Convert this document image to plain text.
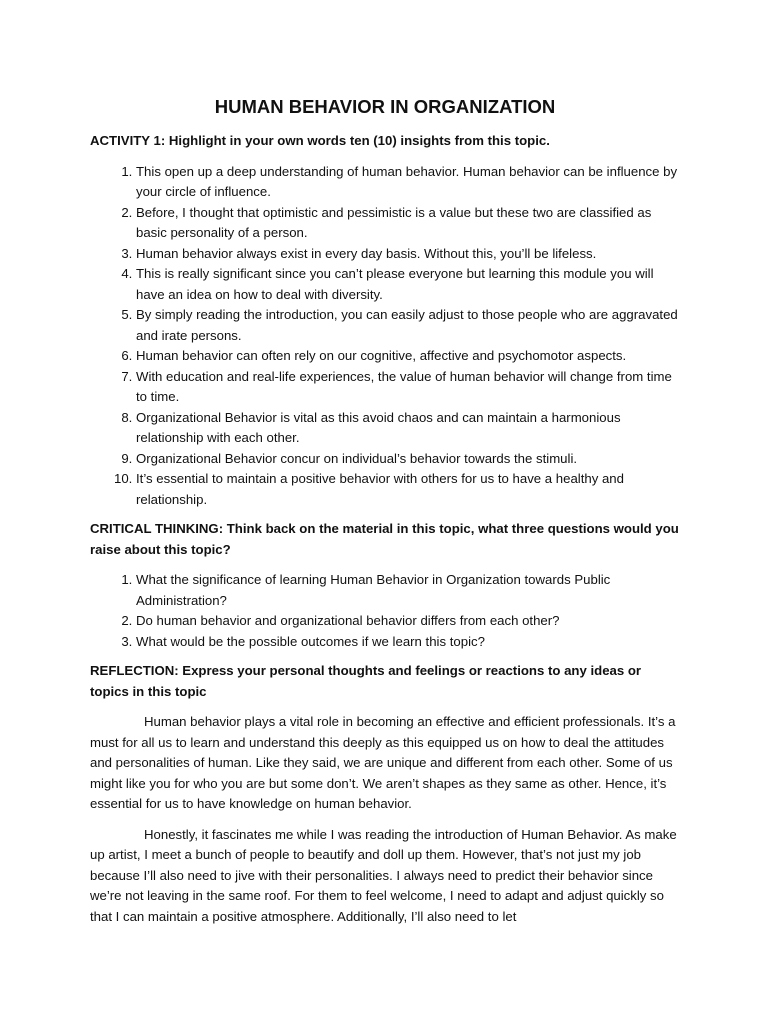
HUMAN BEHAVIOR IN ORGANIZATION

ACTIVITY 1: Highlight in your own words ten (10) insights from this topic.

1. This open up a deep understanding of human behavior. Human behavior can be influence by your circle of influence.
2. Before, I thought that optimistic and pessimistic is a value but these two are classified as basic personality of a person.
3. Human behavior always exist in every day basis. Without this, you’ll be lifeless.
4. This is really significant since you can’t please everyone but learning this module you will have an idea on how to deal with diversity.
5. By simply reading the introduction, you can easily adjust to those people who are aggravated and irate persons.
6. Human behavior can often rely on our cognitive, affective and psychomotor aspects.
7. With education and real-life experiences, the value of human behavior will change from time to time.
8. Organizational Behavior is vital as this avoid chaos and can maintain a harmonious relationship with each other.
9. Organizational Behavior concur on individual’s behavior towards the stimuli.
10. It’s essential to maintain a positive behavior with others for us to have a healthy and relationship.

CRITICAL THINKING: Think back on the material in this topic, what three questions would you raise about this topic?

1. What the significance of learning Human Behavior in Organization towards Public Administration?
2. Do human behavior and organizational behavior differs from each other?
3. What would be the possible outcomes if we learn this topic?

REFLECTION: Express your personal thoughts and feelings or reactions to any ideas or topics in this topic

Human behavior plays a vital role in becoming an effective and efficient professionals. It’s a must for all us to learn and understand this deeply as this equipped us on how to deal the attitudes and personalities of human. Like they said, we are unique and different from each other. Some of us might like you for who you are but some don’t. We aren’t shapes as they same as other. Hence, it’s essential for us to have knowledge on human behavior.

Honestly, it fascinates me while I was reading the introduction of Human Behavior. As make up artist, I meet a bunch of people to beautify and doll up them. However, that’s not just my job because I’ll also need to jive with their personalities. I always need to predict their behavior since we’re not leaving in the same roof. For them to feel welcome, I need to adapt and adjust quickly so that I can maintain a positive atmosphere. Additionally, I’ll also need to let
